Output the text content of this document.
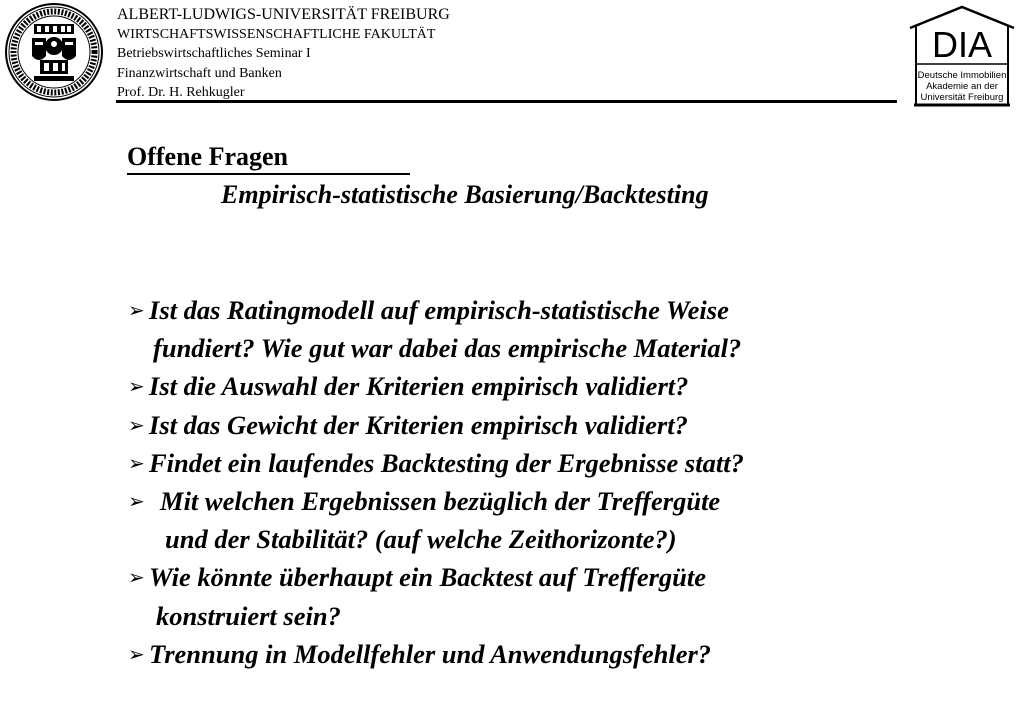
ALBERT-LUDWIGS-UNIVERSITÄT FREIBURG
WIRTSCHAFTSWISSENSCHAFTLICHE FAKULTÄT
Betriebswirtschaftliches Seminar I
Finanzwirtschaft und Banken
Prof. Dr. H. Rehkugler
DIA
Deutsche Immobilien
Akademie an der
Universität Freiburg
Offene Fragen
Empirisch-statistische Basierung/Backtesting
➢ Ist das Ratingmodell auf empirisch-statistische Weise
fundiert? Wie gut war dabei das empirische Material?
➢ Ist die Auswahl der Kriterien empirisch validiert?
➢ Ist das Gewicht der Kriterien empirisch validiert?
➢ Findet ein laufendes Backtesting der Ergebnisse statt?
➢ Mit welchen Ergebnissen bezüglich der Treffergüte
und der Stabilität? (auf welche Zeithorizonte?)
➢ Wie könnte überhaupt ein Backtest auf Treffergüte
konstruiert sein?
➢ Trennung in Modellfehler und Anwendungsfehler?
